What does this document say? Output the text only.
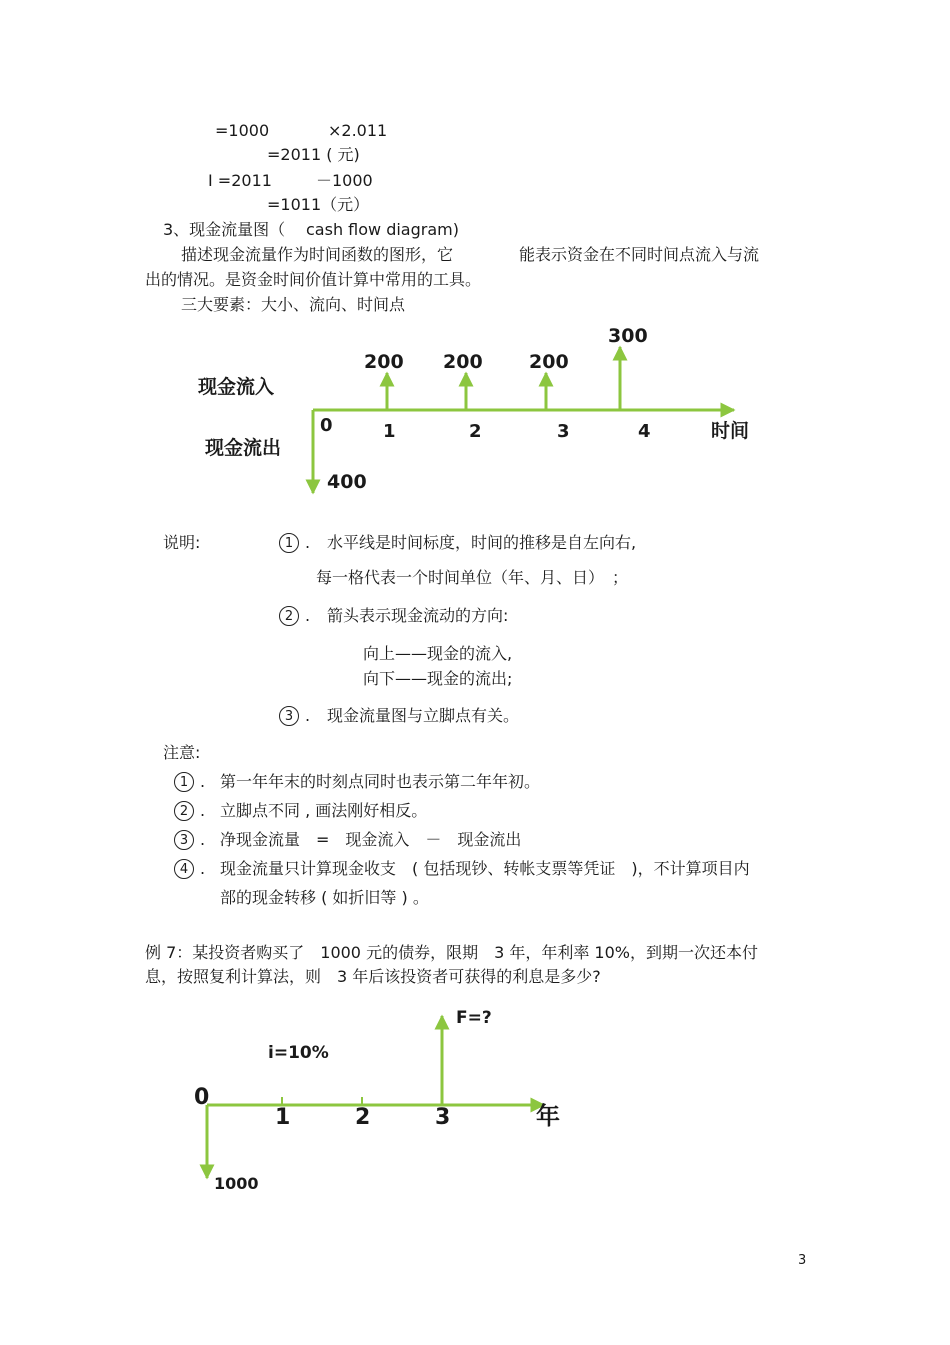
=1000	×2.011
=2011 ( 元)
I =2011	－1000
=1011（元）
3、现金流量图（ cash flow diagram)
描述现金流量作为时间函数的图形，它	能表示资金在不同时间点流入与流
出的情况。是资金时间价值计算中常用的工具。
三大要素：大小、流向、时间点
现金流入
现金流出
时间
0	1	2	3	4
200 200 200
300
400
说明:	1 . 水平线是时间标度，时间的推移是自左向右,
每一格代表一个时间单位（年、月、日）　；
2 . 箭头表示现金流动的方向:
向上——现金的流入,
向下——现金的流出;
3 . 现金流量图与立脚点有关。
注意:
1 . 第一年年末的时刻点同时也表示第二年年初。
2 . 立脚点不同 , 画法刚好相反。
3 . 净现金流量　=　现金流入　－　现金流出
4 . 现金流量只计算现金收支　( 包括现钞、转帐支票等凭证　)，不计算项目内
部的现金转移 ( 如折旧等 ) 。
例 7：某投资者购买了　1000 元的债券，限期　3 年，年利率 10%，到期一次还本付
息，按照复利计算法，则　3 年后该投资者可获得的利息是多少?
F=?
i=10%
0
1	2	3	年
1000
3
